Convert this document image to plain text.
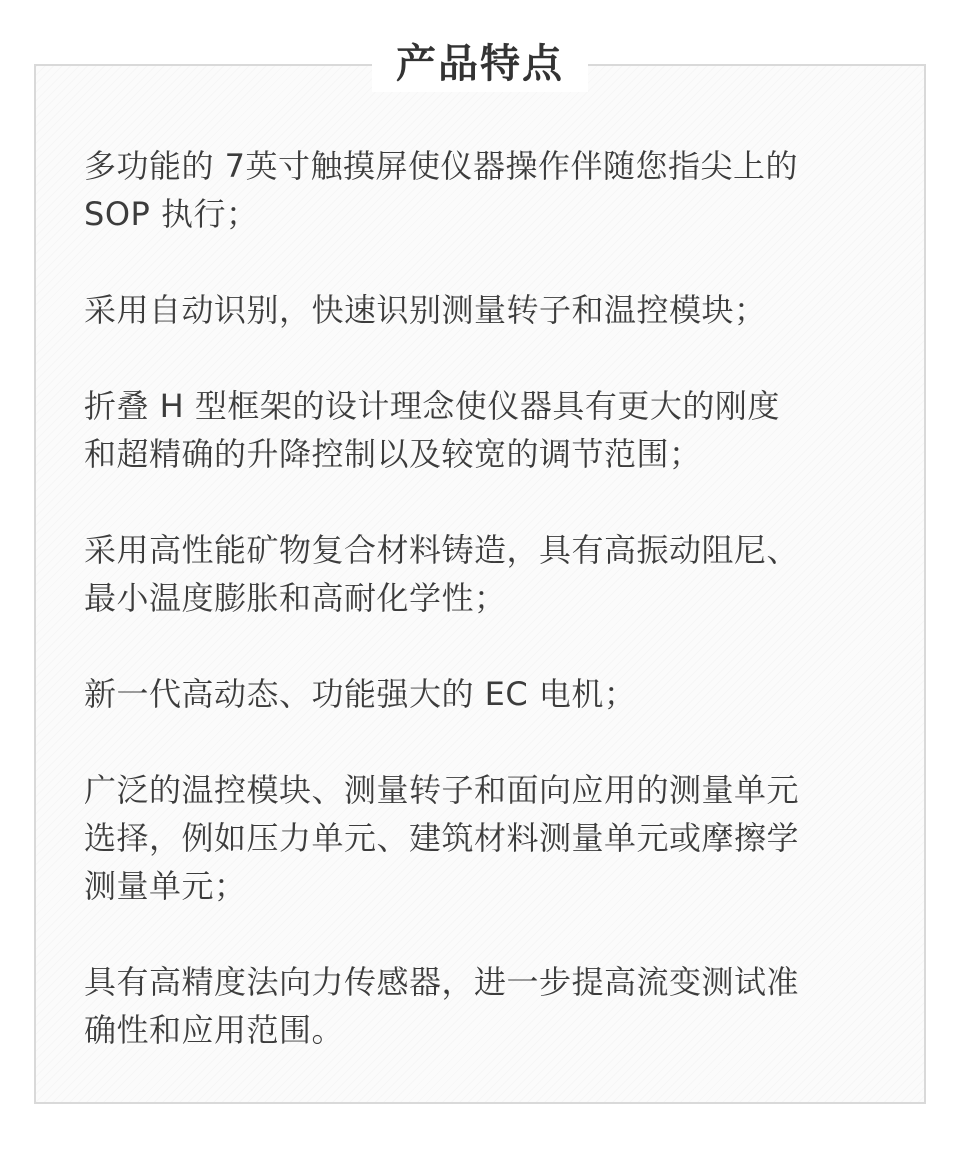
产品特点

多功能的 7英寸触摸屏使仪器操作伴随您指尖上的
SOP 执行；

采用自动识别，快速识别测量转子和温控模块；

折叠 H 型框架的设计理念使仪器具有更大的刚度
和超精确的升降控制以及较宽的调节范围；

采用高性能矿物复合材料铸造，具有高振动阻尼、
最小温度膨胀和高耐化学性；

新一代高动态、功能强大的 EC 电机；

广泛的温控模块、测量转子和面向应用的测量单元
选择，例如压力单元、建筑材料测量单元或摩擦学
测量单元；

具有高精度法向力传感器，进一步提高流变测试准
确性和应用范围。
